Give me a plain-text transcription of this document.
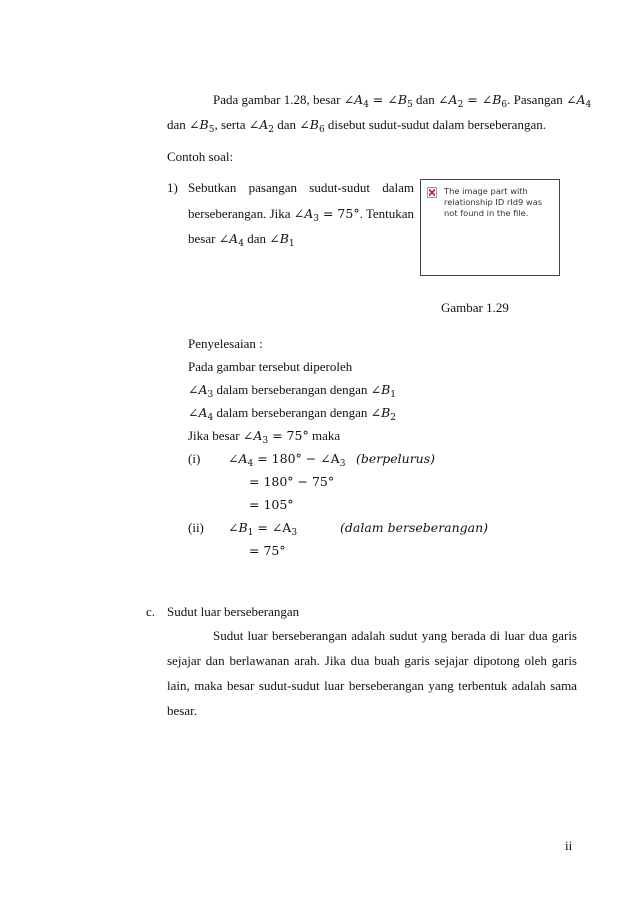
Pada gambar 1.28, besar $\angle A_4$ = $\angle B_5$ dan $\angle A_2$ = $\angle B_6$. Pasangan $\angle A_4$
dan $\angle B_5$, serta $\angle A_2$ dan $\angle B_6$ disebut sudut-sudut dalam berseberangan.
Contoh soal:
1) Sebutkan pasangan sudut-sudut dalam
berseberangan. Jika $\angle A_3 = 75^\circ$. Tentukan
besar $\angle A_4$ dan $\angle B_1$
The image part with relationship ID rId9 was not found in the file.
Gambar 1.29
Penyelesaian :
Pada gambar tersebut diperoleh
$\angle A_3$ dalam berseberangan dengan $\angle B_1$
$\angle A_4$ dalam berseberangan dengan $\angle B_2$
Jika besar $\angle A_3 = 75^\circ$ maka
(i) $\angle A_4 = 180^\circ$ − $\angle A_3$ (berpelurus)
= 180° − 75°
= 105°
(ii) $\angle B_1$ = $\angle A_3$	(dalam berseberangan)
= 75°
c. Sudut luar berseberangan
Sudut luar berseberangan adalah sudut yang berada di luar dua garis
sejajar dan berlawanan arah. Jika dua buah garis sejajar dipotong oleh garis
lain, maka besar sudut-sudut luar berseberangan yang terbentuk adalah sama
besar.
ii
